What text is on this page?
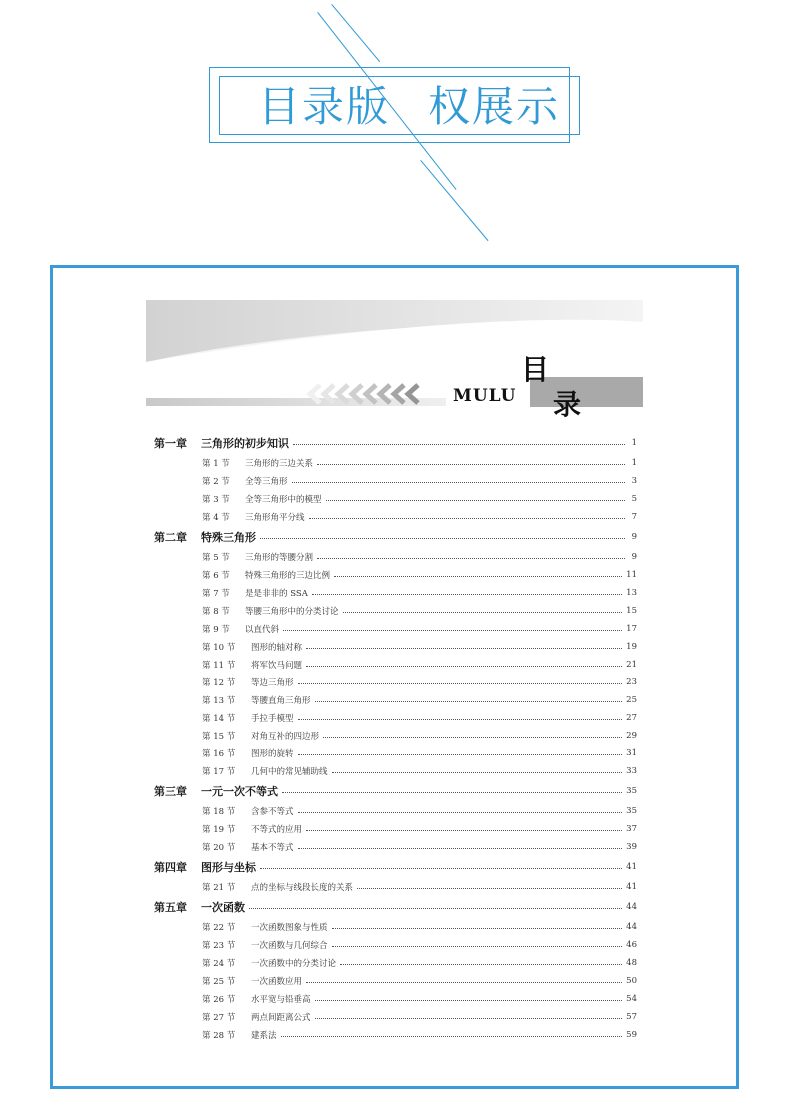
目录版 权展示
MULU
目
录
第一章	三角形的初步知识	1
第 1 节	三角形的三边关系	1
第 2 节	全等三角形	3
第 3 节	全等三角形中的模型	5
第 4 节	三角形角平分线	7
第二章	特殊三角形	9
第 5 节	三角形的等腰分割	9
第 6 节	特殊三角形的三边比例	11
第 7 节	是是非非的 SSA	13
第 8 节	等腰三角形中的分类讨论	15
第 9 节	以直代斜	17
第 10 节	图形的轴对称	19
第 11 节	将军饮马问题	21
第 12 节	等边三角形	23
第 13 节	等腰直角三角形	25
第 14 节	手拉手模型	27
第 15 节	对角互补的四边形	29
第 16 节	图形的旋转	31
第 17 节	几何中的常见辅助线	33
第三章	一元一次不等式	35
第 18 节	含参不等式	35
第 19 节	不等式的应用	37
第 20 节	基本不等式	39
第四章	图形与坐标	41
第 21 节	点的坐标与线段长度的关系	41
第五章	一次函数	44
第 22 节	一次函数图象与性质	44
第 23 节	一次函数与几何综合	46
第 24 节	一次函数中的分类讨论	48
第 25 节	一次函数应用	50
第 26 节	水平宽与铅垂高	54
第 27 节	两点间距离公式	57
第 28 节	建系法	59
